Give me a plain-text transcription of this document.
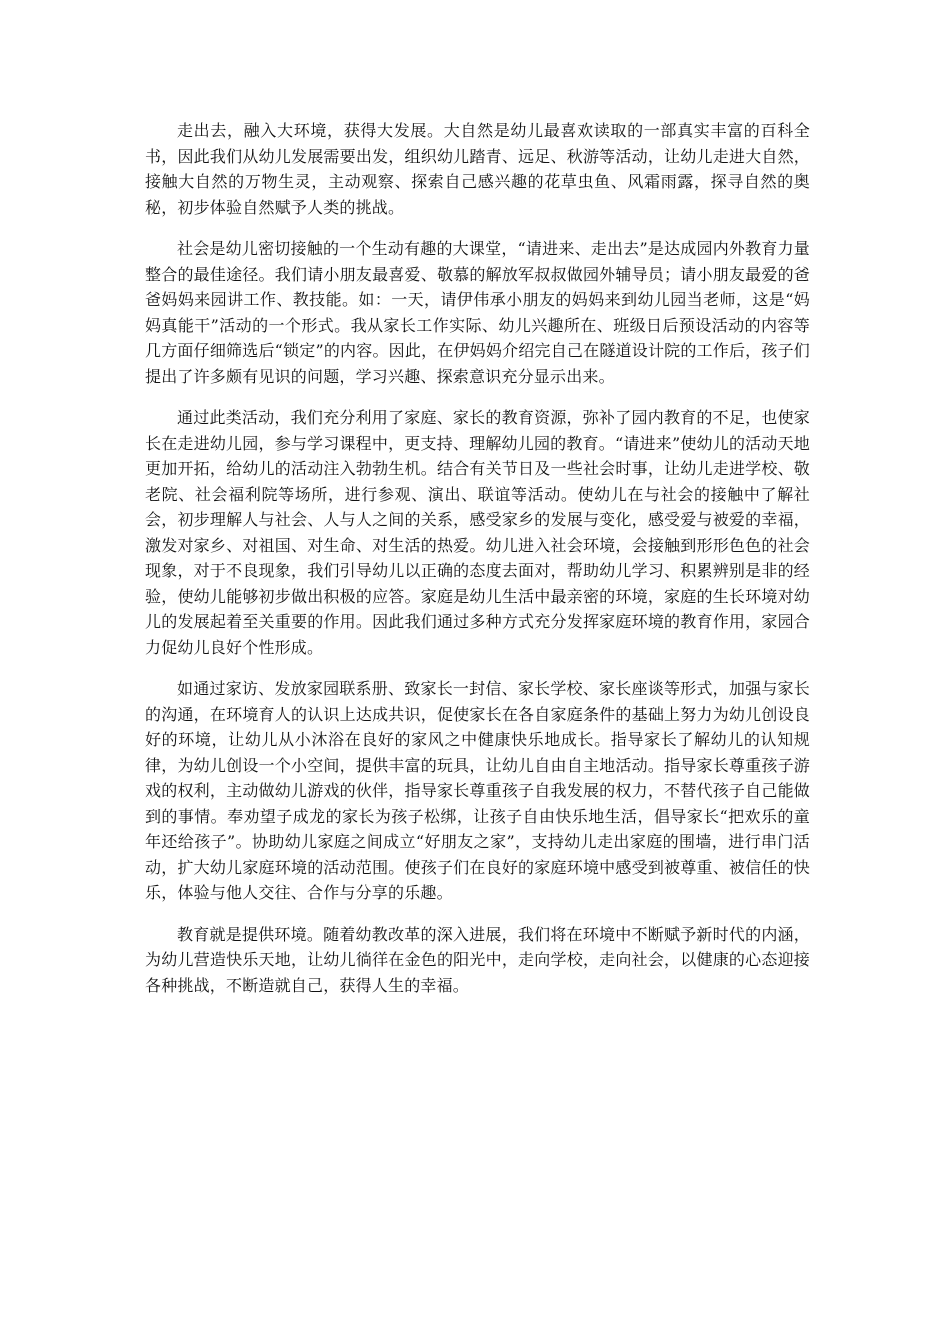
走出去，融入大环境，获得大发展。大自然是幼儿最喜欢读取的一部真实丰富的百科全书，因此我们从幼儿发展需要出发，组织幼儿踏青、远足、秋游等活动，让幼儿走进大自然，接触大自然的万物生灵，主动观察、探索自己感兴趣的花草虫鱼、风霜雨露，探寻自然的奥秘，初步体验自然赋予人类的挑战。

社会是幼儿密切接触的一个生动有趣的大课堂，“请进来、走出去”是达成园内外教育力量整合的最佳途径。我们请小朋友最喜爱、敬慕的解放军叔叔做园外辅导员；请小朋友最爱的爸爸妈妈来园讲工作、教技能。如：一天，请伊伟承小朋友的妈妈来到幼儿园当老师，这是“妈妈真能干”活动的一个形式。我从家长工作实际、幼儿兴趣所在、班级日后预设活动的内容等几方面仔细筛选后“锁定”的内容。因此，在伊妈妈介绍完自己在隧道设计院的工作后，孩子们提出了许多颇有见识的问题，学习兴趣、探索意识充分显示出来。

通过此类活动，我们充分利用了家庭、家长的教育资源，弥补了园内教育的不足，也使家长在走进幼儿园，参与学习课程中，更支持、理解幼儿园的教育。“请进来”使幼儿的活动天地更加开拓，给幼儿的活动注入勃勃生机。结合有关节日及一些社会时事，让幼儿走进学校、敬老院、社会福利院等场所，进行参观、演出、联谊等活动。使幼儿在与社会的接触中了解社会，初步理解人与社会、人与人之间的关系，感受家乡的发展与变化，感受爱与被爱的幸福，激发对家乡、对祖国、对生命、对生活的热爱。幼儿进入社会环境，会接触到形形色色的社会现象，对于不良现象，我们引导幼儿以正确的态度去面对，帮助幼儿学习、积累辨别是非的经验，使幼儿能够初步做出积极的应答。家庭是幼儿生活中最亲密的环境，家庭的生长环境对幼儿的发展起着至关重要的作用。因此我们通过多种方式充分发挥家庭环境的教育作用，家园合力促幼儿良好个性形成。

如通过家访、发放家园联系册、致家长一封信、家长学校、家长座谈等形式，加强与家长的沟通，在环境育人的认识上达成共识，促使家长在各自家庭条件的基础上努力为幼儿创设良好的环境，让幼儿从小沐浴在良好的家风之中健康快乐地成长。指导家长了解幼儿的认知规律，为幼儿创设一个小空间，提供丰富的玩具，让幼儿自由自主地活动。指导家长尊重孩子游戏的权利，主动做幼儿游戏的伙伴，指导家长尊重孩子自我发展的权力，不替代孩子自己能做到的事情。奉劝望子成龙的家长为孩子松绑，让孩子自由快乐地生活，倡导家长“把欢乐的童年还给孩子”。协助幼儿家庭之间成立“好朋友之家”，支持幼儿走出家庭的围墙，进行串门活动，扩大幼儿家庭环境的活动范围。使孩子们在良好的家庭环境中感受到被尊重、被信任的快乐，体验与他人交往、合作与分享的乐趣。

教育就是提供环境。随着幼教改革的深入进展，我们将在环境中不断赋予新时代的内涵，为幼儿营造快乐天地，让幼儿徜徉在金色的阳光中，走向学校，走向社会，以健康的心态迎接各种挑战，不断造就自己，获得人生的幸福。
